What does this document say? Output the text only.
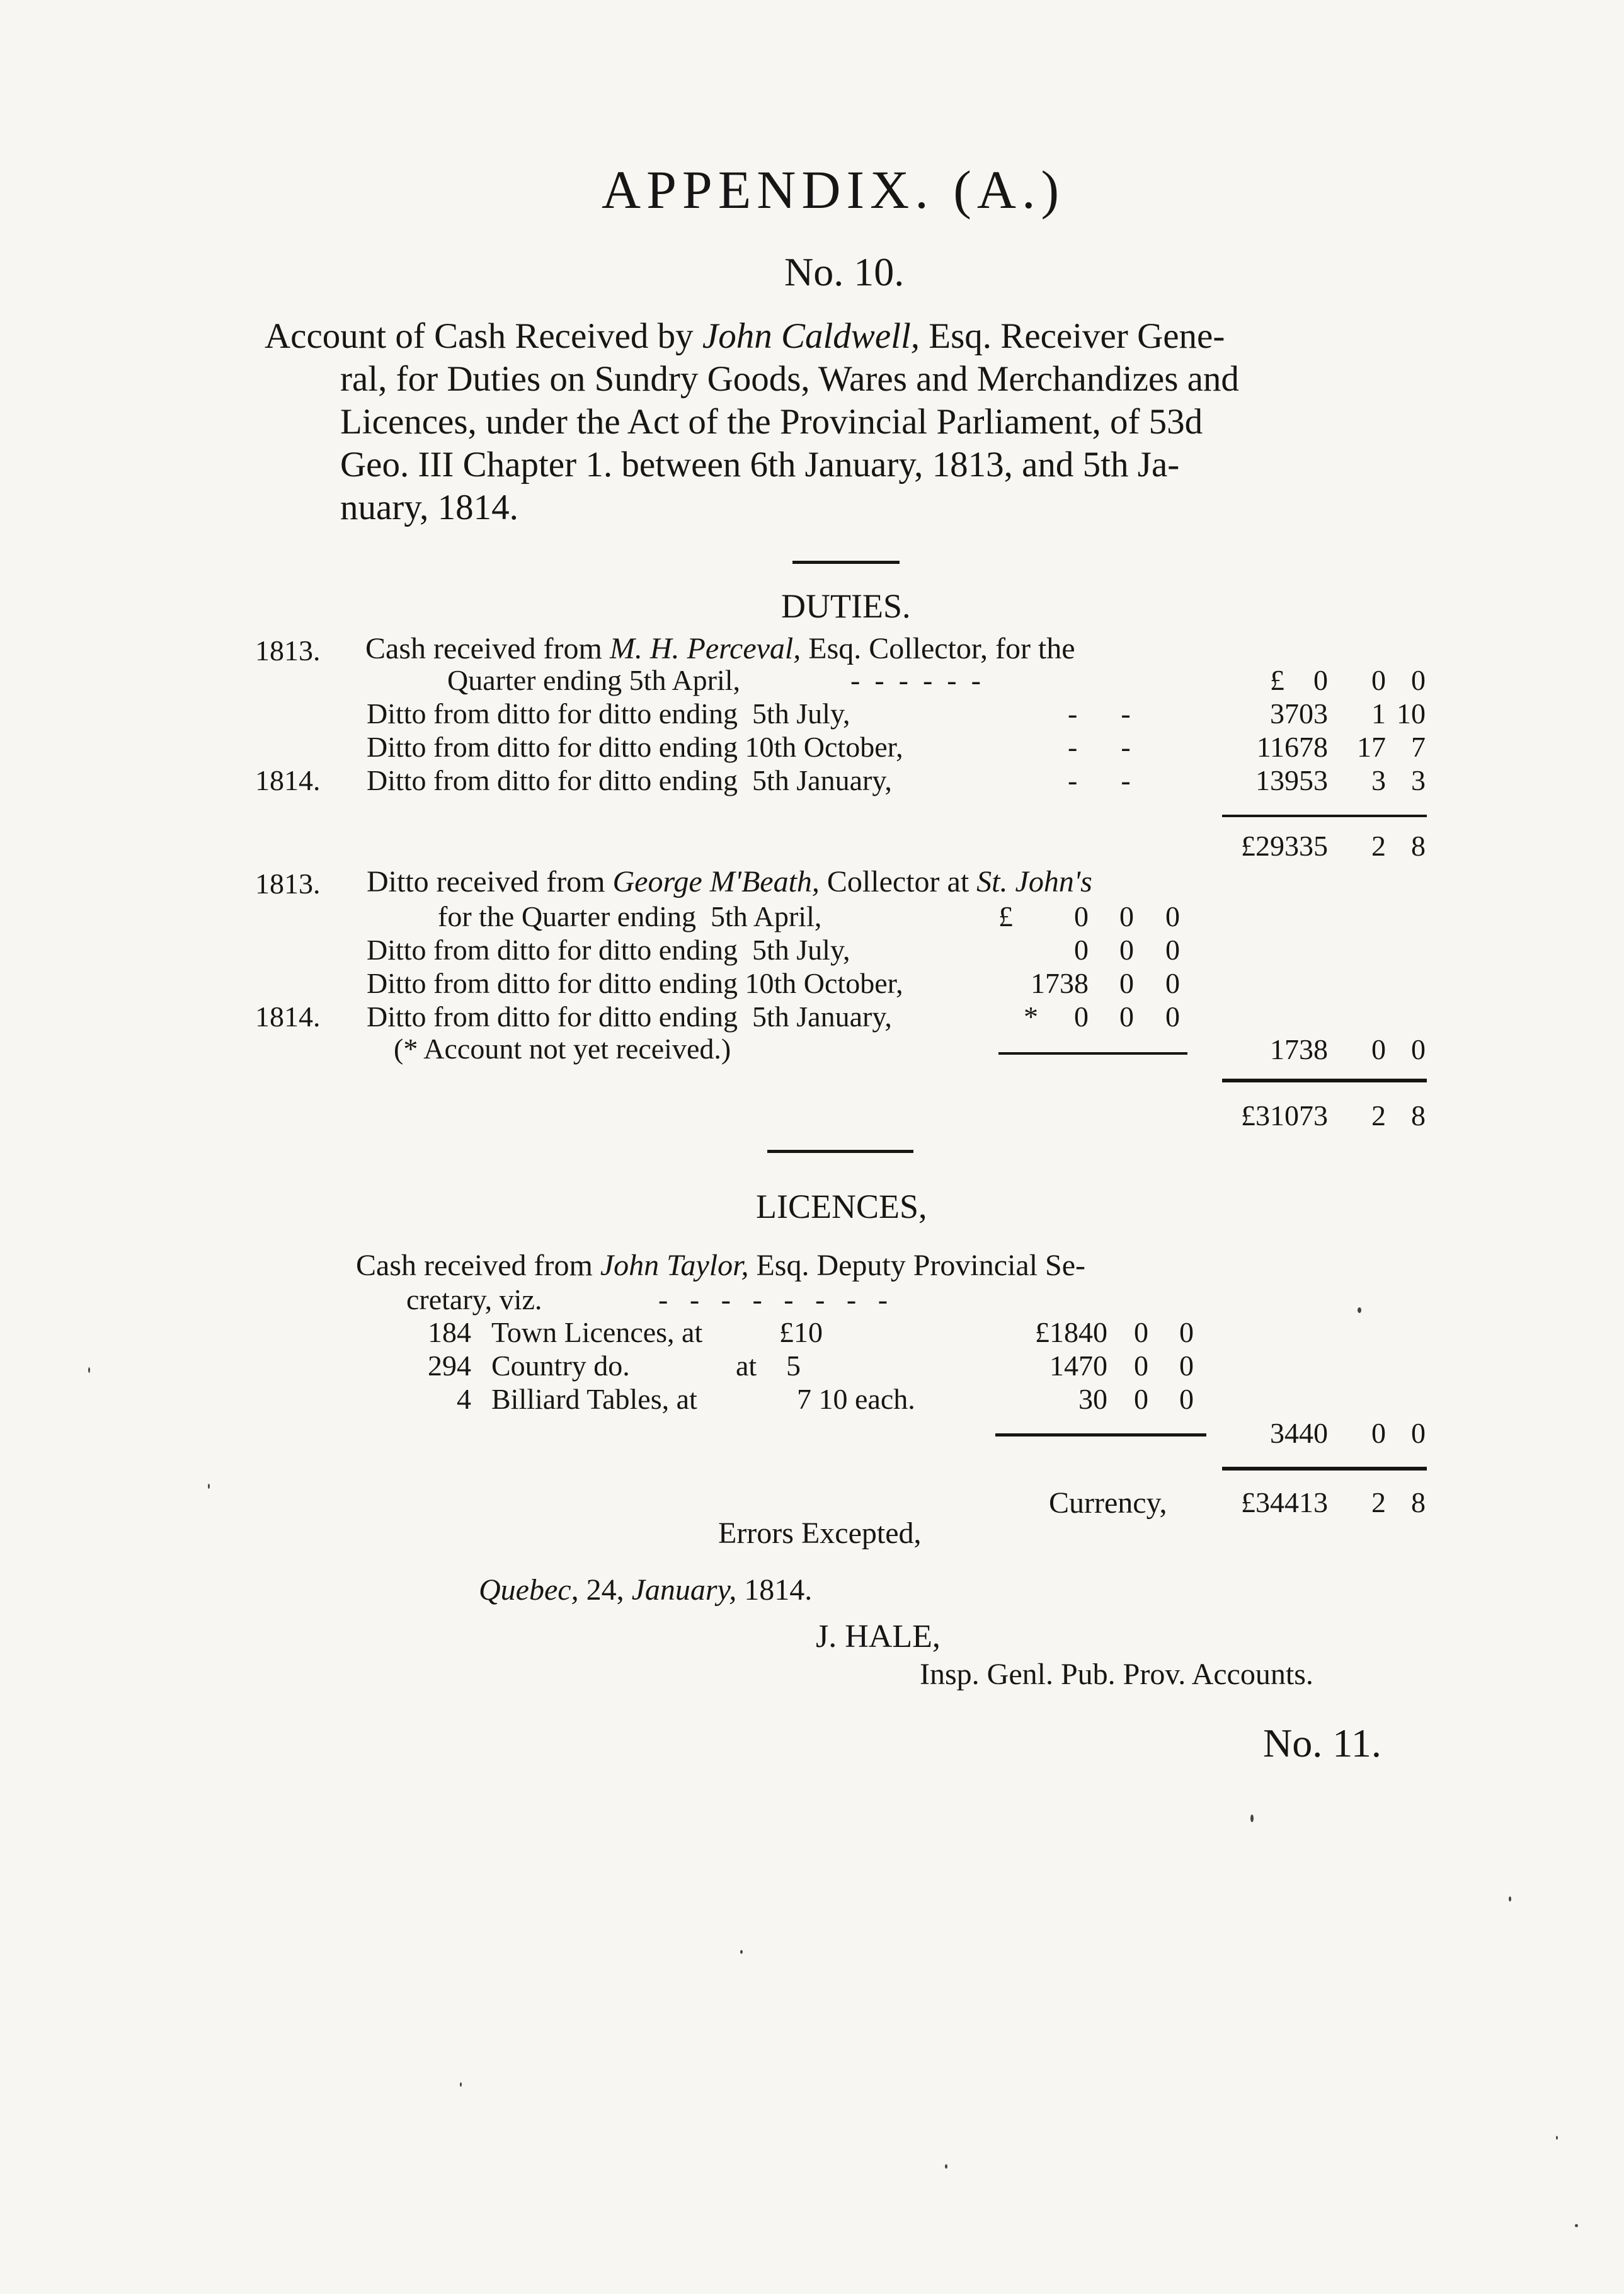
APPENDIX. (A.)
No. 10.
Account of Cash Received by John Caldwell, Esq. Receiver Gene-
ral, for Duties on Sundry Goods, Wares and Merchandizes and
Licences, under the Act of the Provincial Parliament, of 53d
Geo. III Chapter 1. between 6th January, 1813, and 5th Ja-
nuary, 1814.
DUTIES.
1813. Cash received from M. H. Perceval, Esq. Collector, for the
Quarter ending 5th April,	-  -  -  -  -  -	£    0 0 0
Ditto from ditto for ditto ending  5th July,	-      -	3703 1 10
Ditto from ditto for ditto ending 10th October,	-      -	11678 17 7
1814. Ditto from ditto for ditto ending  5th January,	-      -	13953 3 3
£29335 2 8
1813. Ditto received from George M'Beath, Collector at St. John's
for the Quarter ending  5th April,	£ 0 0 0
Ditto from ditto for ditto ending  5th July,	0 0 0
Ditto from ditto for ditto ending 10th October,	1738 0 0
1814. Ditto from ditto for ditto ending  5th January,	* 0 0 0
(* Account not yet received.)	1738 0 0
£31073 2 8
LICENCES,
Cash received from John Taylor, Esq. Deputy Provincial Se-
cretary, viz.	-   -   -   -   -   -   -   -
184 Town Licences, at	£10	£1840 0 0
294 Country do.	at 5	1470 0 0
4 Billiard Tables, at	7 10 each.	30 0 0
3440 0 0
Currency,	£34413 2 8
Errors Excepted,
Quebec, 24, January, 1814.
J. HALE,
Insp. Genl. Pub. Prov. Accounts.
No. 11.
